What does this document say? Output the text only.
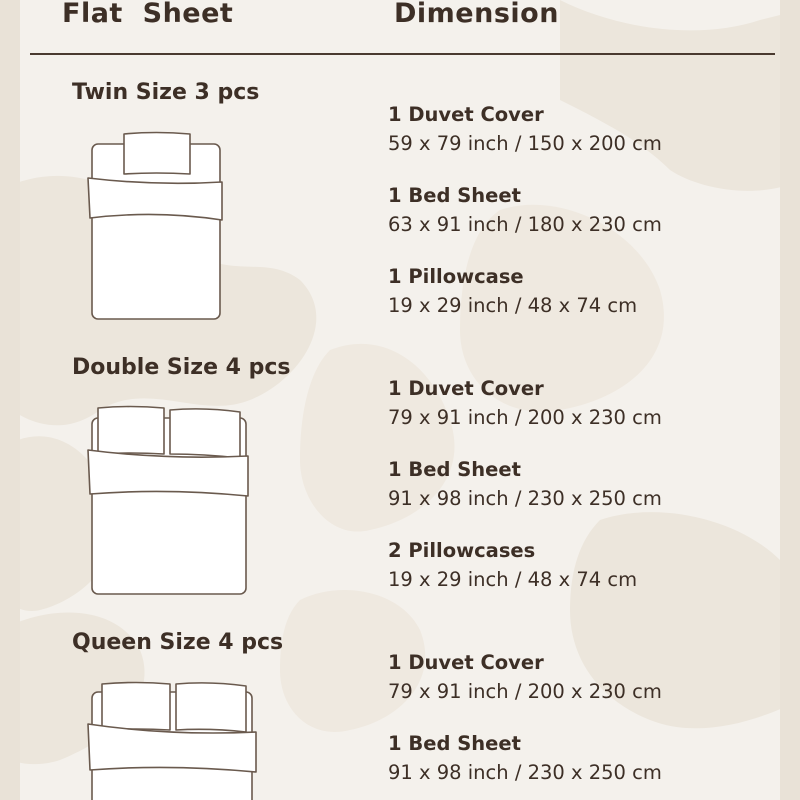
Flat  Sheet	Dimension
Twin Size 3 pcs
1 Duvet Cover
59 x 79 inch / 150 x 200 cm
1 Bed Sheet
63 x 91 inch / 180 x 230 cm
1 Pillowcase
19 x 29 inch / 48 x 74 cm
Double Size 4 pcs
1 Duvet Cover
79 x 91 inch / 200 x 230 cm
1 Bed Sheet
91 x 98 inch / 230 x 250 cm
2 Pillowcases
19 x 29 inch / 48 x 74 cm
Queen Size 4 pcs
1 Duvet Cover
79 x 91 inch / 200 x 230 cm
1 Bed Sheet
91 x 98 inch / 230 x 250 cm
